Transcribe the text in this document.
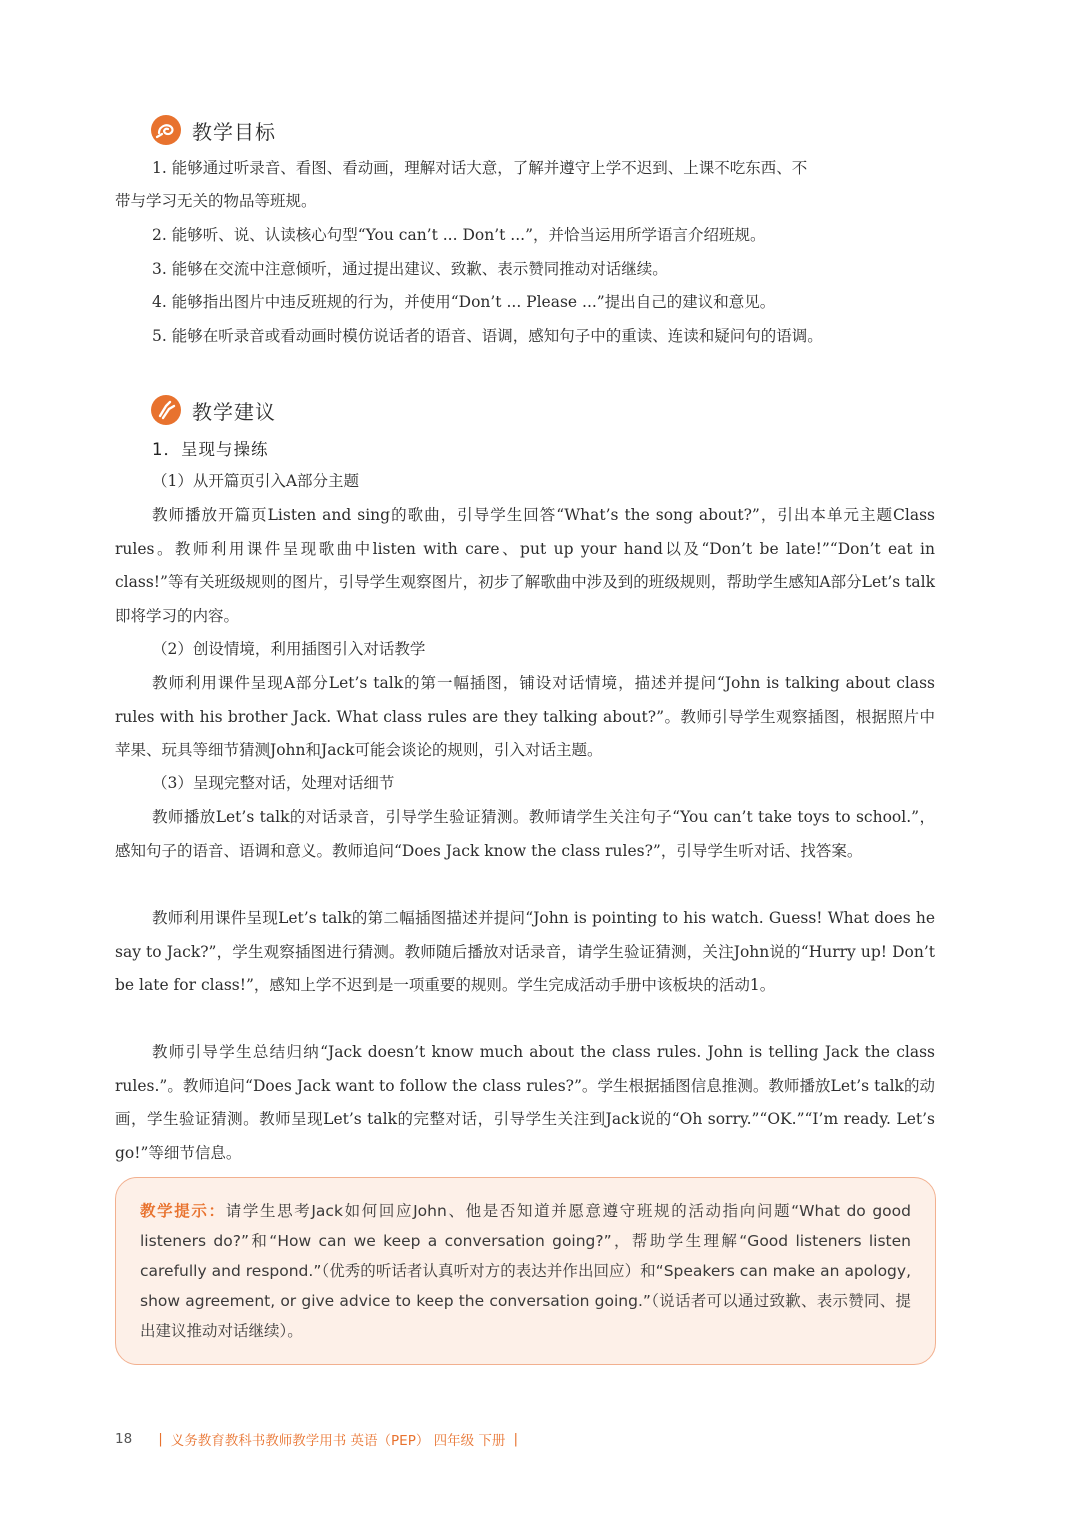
教学目标
1. 能够通过听录音、看图、看动画，理解对话大意，了解并遵守上学不迟到、上课不吃东西、不
带与学习无关的物品等班规。
2. 能够听、说、认读核心句型“You can’t ... Don’t ...”，并恰当运用所学语言介绍班规。
3. 能够在交流中注意倾听，通过提出建议、致歉、表示赞同推动对话继续。
4. 能够指出图片中违反班规的行为，并使用“Don’t ... Please ...”提出自己的建议和意见。
5. 能够在听录音或看动画时模仿说话者的语音、语调，感知句子中的重读、连读和疑问句的语调。
教学建议
1．呈现与操练
（1）从开篇页引入A部分主题

教师播放开篇页Listen and sing的歌曲，引导学生回答“What’s the song about?”，引出本单元主题Class rules。教师利用课件呈现歌曲中listen with care、put up your hand以及“Don’t be late!”“Don’t eat in class!”等有关班级规则的图片，引导学生观察图片，初步了解歌曲中涉及到的班级规则，帮助学生感知A部分Let’s talk即将学习的内容。

（2）创设情境，利用插图引入对话教学

教师利用课件呈现A部分Let’s talk的第一幅插图，铺设对话情境，描述并提问“John is talking about class rules with his brother Jack. What class rules are they talking about?”。教师引导学生观察插图，根据照片中苹果、玩具等细节猜测John和Jack可能会谈论的规则，引入对话主题。

（3）呈现完整对话，处理对话细节

教师播放Let’s talk的对话录音，引导学生验证猜测。教师请学生关注句子“You can’t take toys to school.”，感知句子的语音、语调和意义。教师追问“Does Jack know the class rules?”，引导学生听对话、找答案。

教师利用课件呈现Let’s talk的第二幅插图描述并提问“John is pointing to his watch. Guess! What does he say to Jack?”，学生观察插图进行猜测。教师随后播放对话录音，请学生验证猜测，关注John说的“Hurry up! Don’t be late for class!”，感知上学不迟到是一项重要的规则。学生完成活动手册中该板块的活动1。

教师引导学生总结归纳“Jack doesn’t know much about the class rules. John is telling Jack the class rules.”。教师追问“Does Jack want to follow the class rules?”。学生根据插图信息推测。教师播放Let’s talk的动画，学生验证猜测。教师呈现Let’s talk的完整对话，引导学生关注到Jack说的“Oh sorry.”“OK.”“I’m ready. Let’s go!”等细节信息。

教学提示：请学生思考Jack如何回应John、他是否知道并愿意遵守班规的活动指向问题“What do good listeners do?”和“How can we keep a conversation going?”，帮助学生理解“Good listeners listen carefully and respond.”（优秀的听话者认真听对方的表达并作出回应）和“Speakers can make an apology, show agreement, or give advice to keep the conversation going.”（说话者可以通过致歉、表示赞同、提出建议推动对话继续）。

18 | 义务教育教科书教师教学用书 英语（PEP） 四年级 下册 |
